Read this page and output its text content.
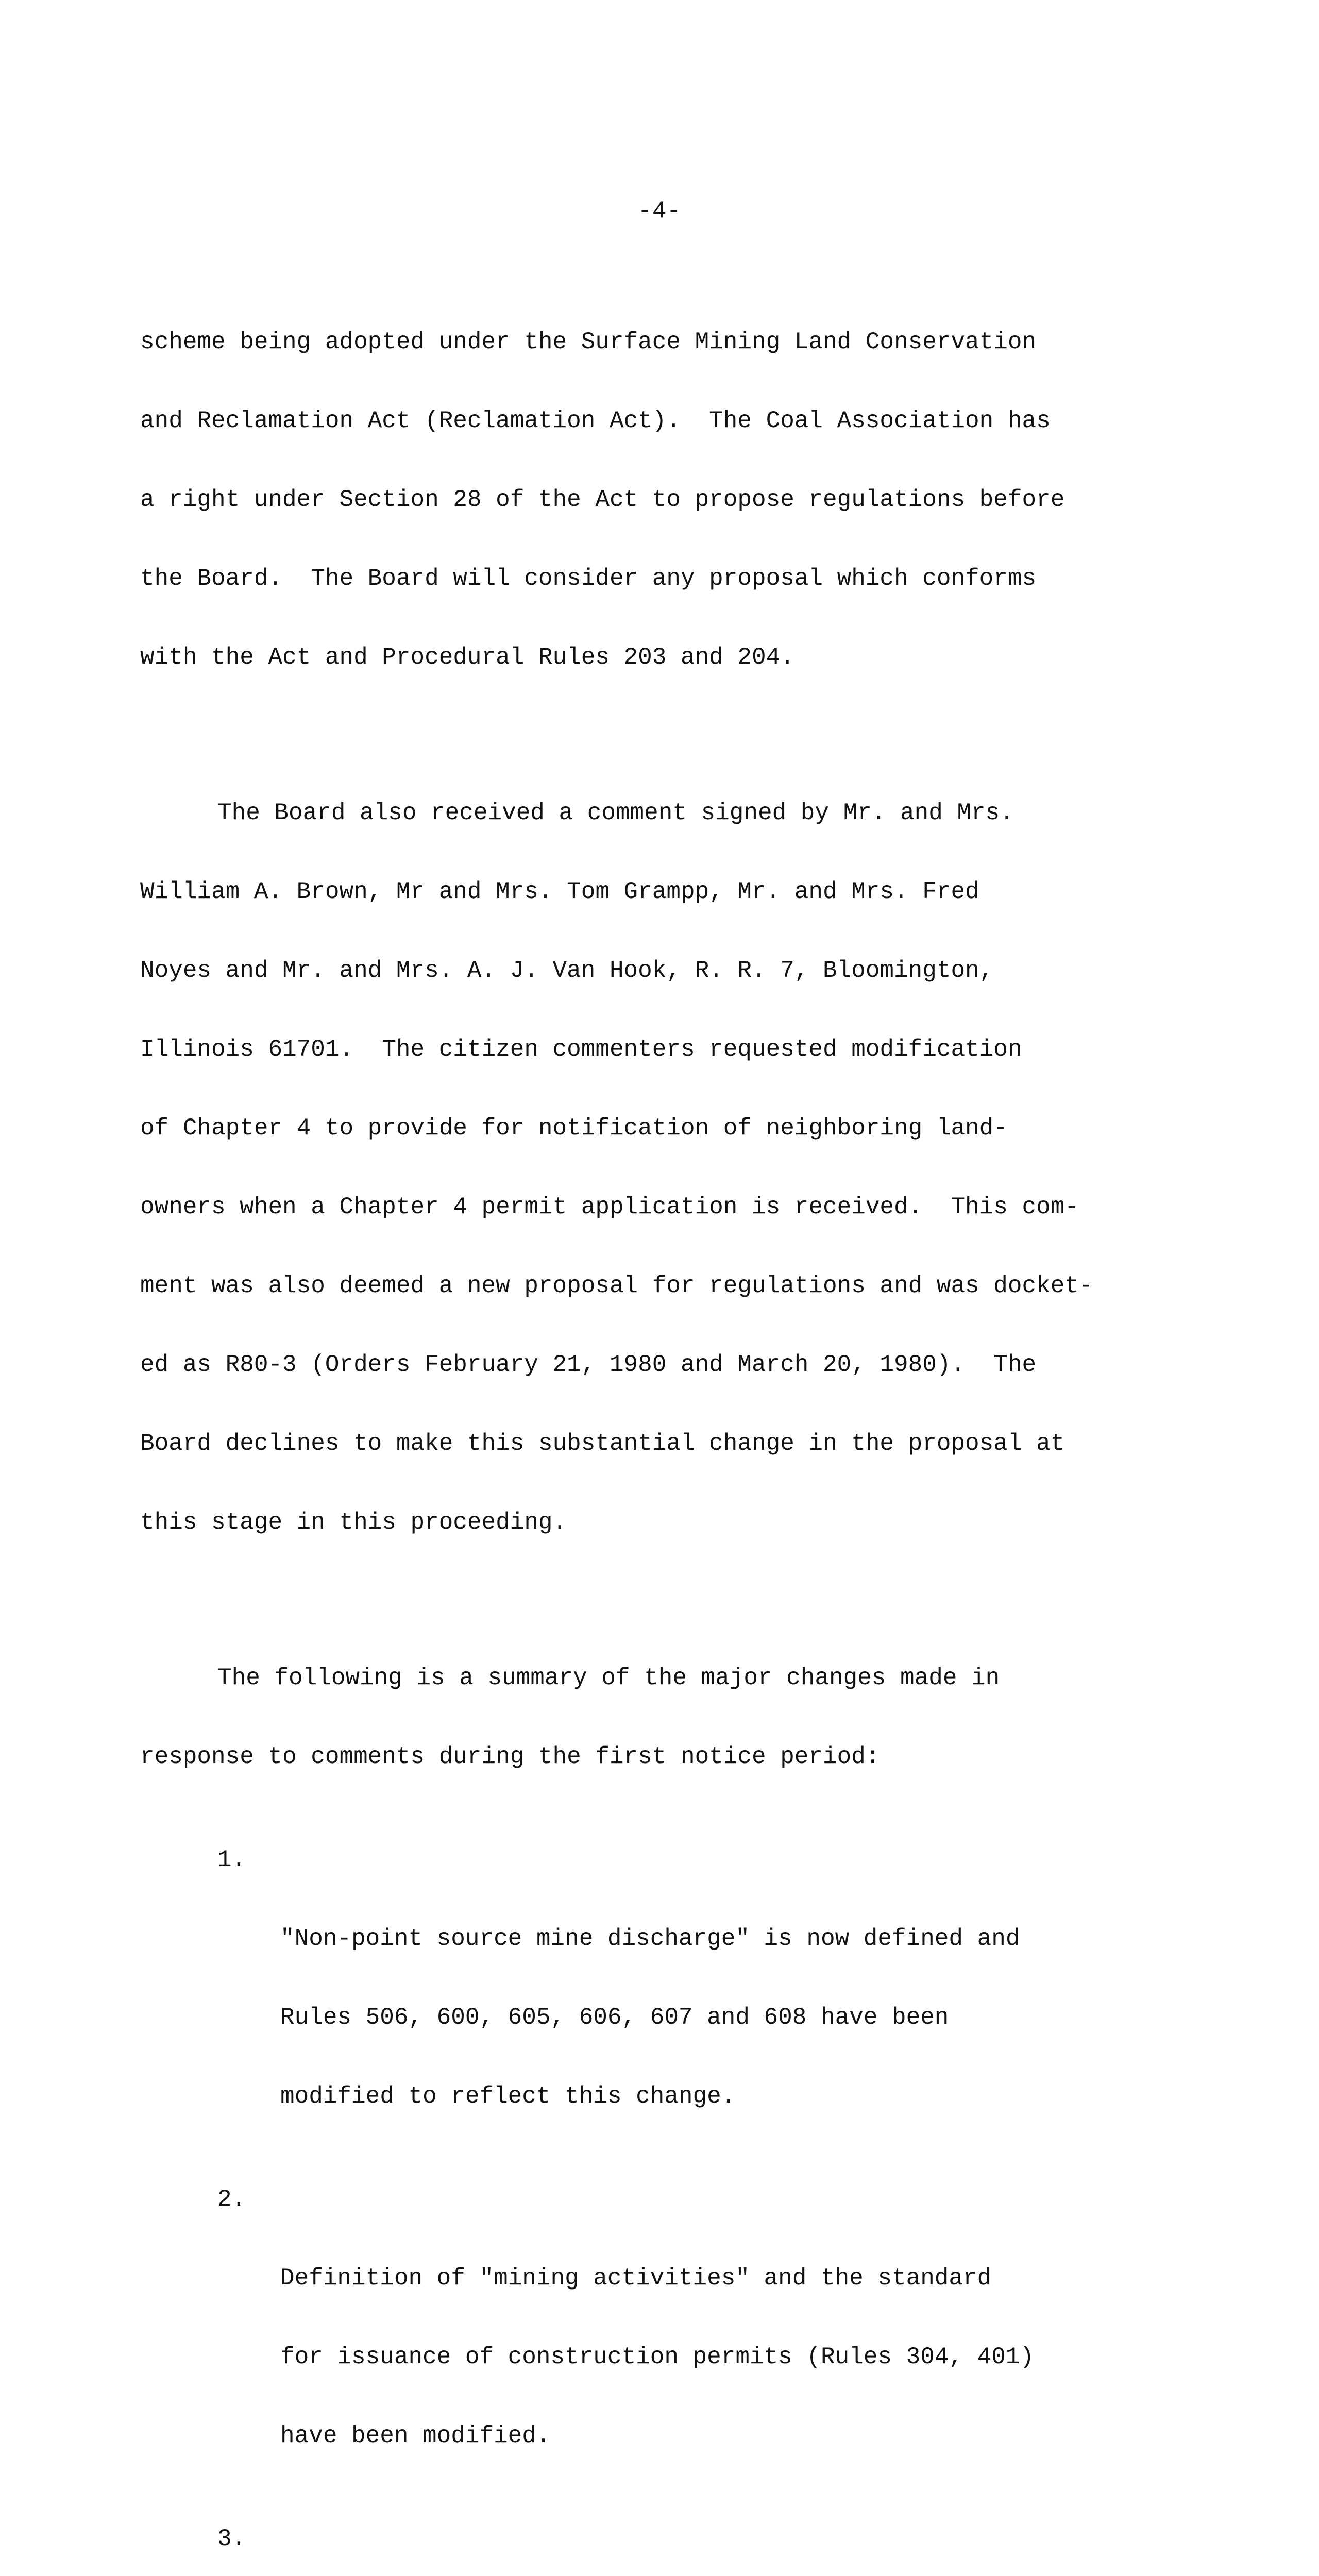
-4-

scheme being adopted under the Surface Mining Land Conservation

and Reclamation Act (Reclamation Act).  The Coal Association has

a right under Section 28 of the Act to propose regulations before

the Board.  The Board will consider any proposal which conforms

with the Act and Procedural Rules 203 and 204.

The Board also received a comment signed by Mr. and Mrs.

William A. Brown, Mr and Mrs. Tom Grampp, Mr. and Mrs. Fred

Noyes and Mr. and Mrs. A. J. Van Hook, R. R. 7, Bloomington,

Illinois 61701.  The citizen commenters requested modification

of Chapter 4 to provide for notification of neighboring land-

owners when a Chapter 4 permit application is received.  This com-

ment was also deemed a new proposal for regulations and was docket-

ed as R80-3 (Orders February 21, 1980 and March 20, 1980).  The

Board declines to make this substantial change in the proposal at

this stage in this proceeding.

The following is a summary of the major changes made in

response to comments during the first notice period:

1.

"Non-point source mine discharge" is now defined and

Rules 506, 600, 605, 606, 607 and 608 have been

modified to reflect this change.

2.

Definition of "mining activities" and the standard

for issuance of construction permits (Rules 304, 401)

have been modified.

3.
